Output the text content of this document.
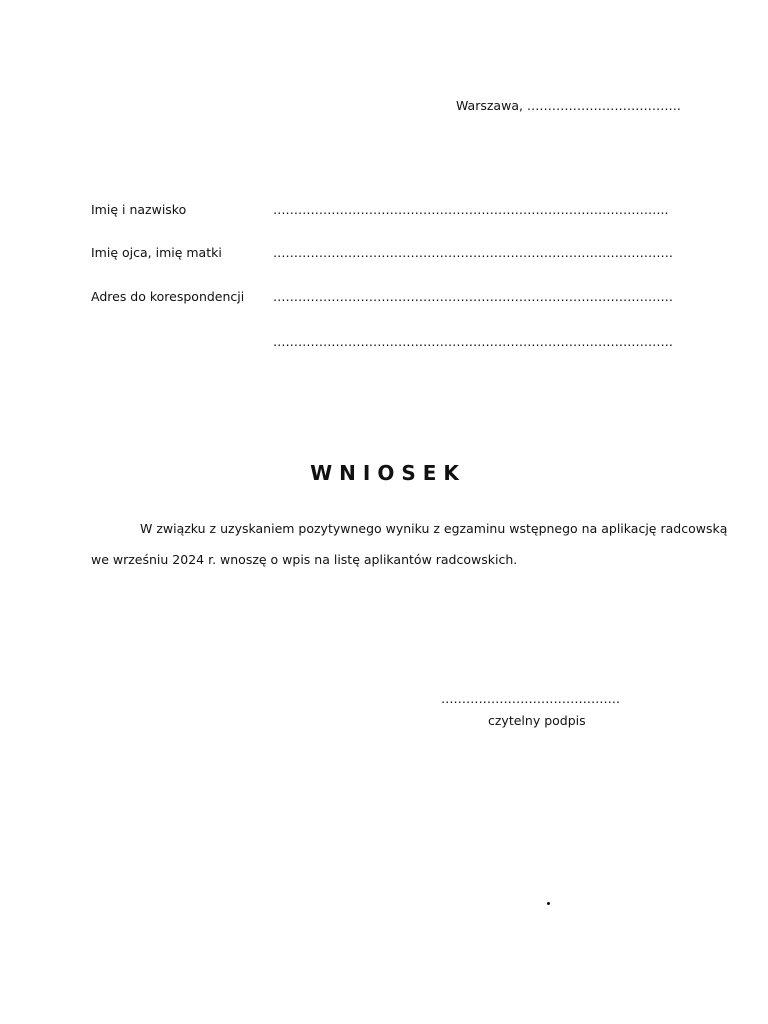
Warszawa, ……………………………….
Imię i nazwisko	…………………………………………………………………………………..
Imię ojca, imię matki	……………………………………………………………………………………
Adres do korespondencji ……………………………………………………………………………………
……………………………………………………………………………………
WNIOSEK
W związku z uzyskaniem pozytywnego wyniku z egzaminu wstępnego na aplikację radcowską
we wrześniu 2024 r. wnoszę o wpis na listę aplikantów radcowskich.
…………………………………….
czytelny podpis
